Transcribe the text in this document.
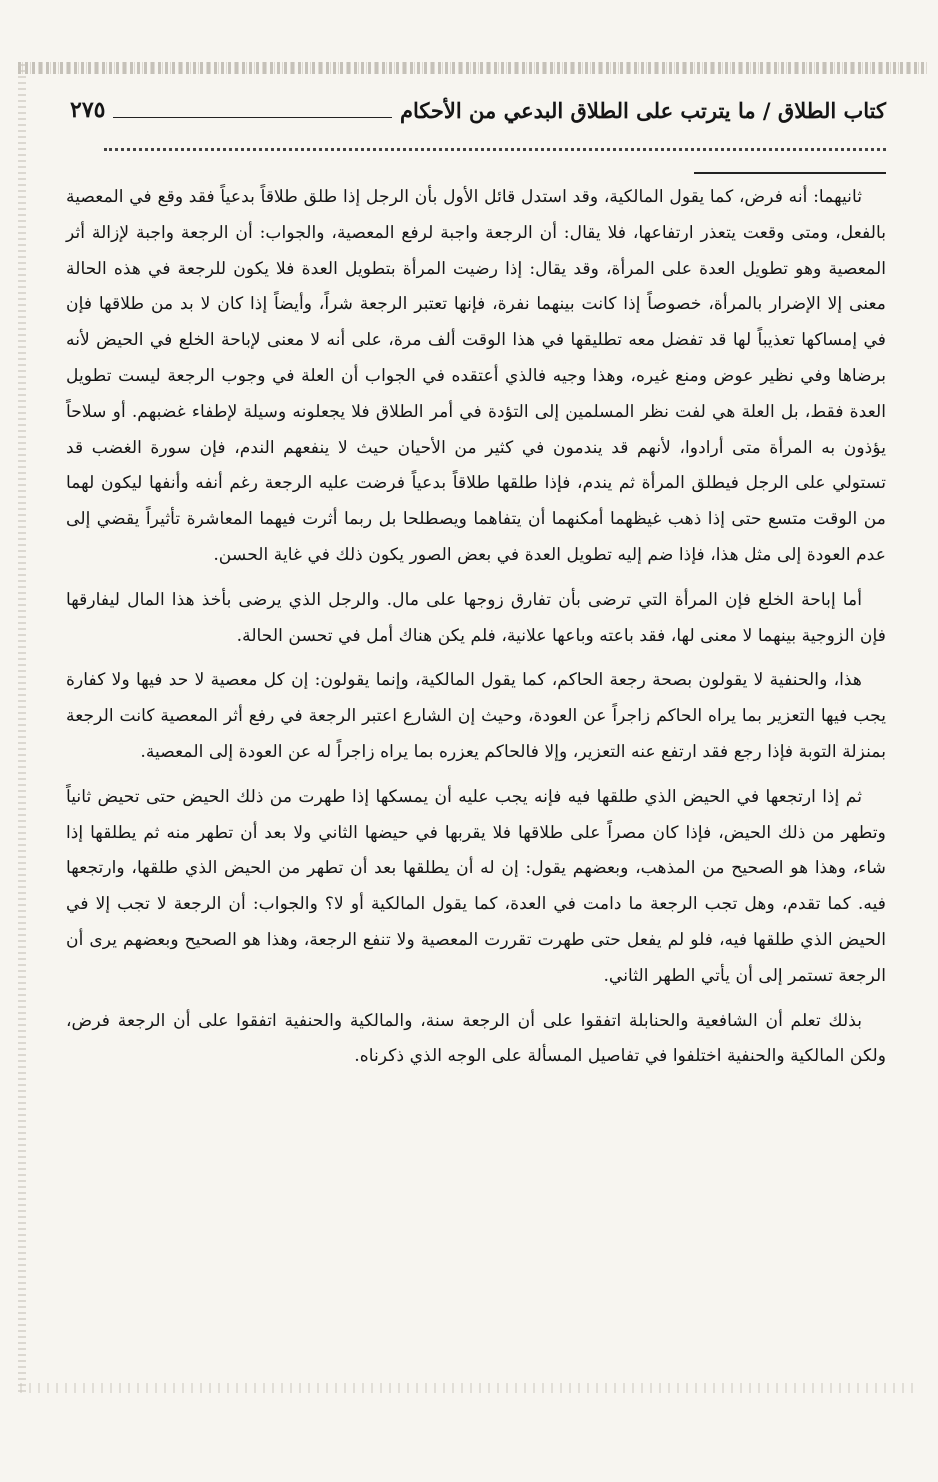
كتاب الطلاق / ما يترتب على الطلاق البدعي من الأحكام
٢٧٥

ثانيهما: أنه فرض، كما يقول المالكية، وقد استدل قائل الأول بأن الرجل إذا طلق طلاقاً بدعياً فقد وقع في المعصية بالفعل، ومتى وقعت يتعذر ارتفاعها، فلا يقال: أن الرجعة واجبة لرفع المعصية، والجواب: أن الرجعة واجبة لإزالة أثر المعصية وهو تطويل العدة على المرأة، وقد يقال: إذا رضيت المرأة بتطويل العدة فلا يكون للرجعة في هذه الحالة معنى إلا الإضرار بالمرأة، خصوصاً إذا كانت بينهما نفرة، فإنها تعتبر الرجعة شراً، وأيضاً إذا كان لا بد من طلاقها فإن في إمساكها تعذيباً لها قد تفضل معه تطليقها في هذا الوقت ألف مرة، على أنه لا معنى لإباحة الخلع في الحيض لأنه برضاها وفي نظير عوض ومنع غيره، وهذا وجيه فالذي أعتقده في الجواب أن العلة في وجوب الرجعة ليست تطويل العدة فقط، بل العلة هي لفت نظر المسلمين إلى التؤدة في أمر الطلاق فلا يجعلونه وسيلة لإطفاء غضبهم. أو سلاحاً يؤذون به المرأة متى أرادوا، لأنهم قد يندمون في كثير من الأحيان حيث لا ينفعهم الندم، فإن سورة الغضب قد تستولي على الرجل فيطلق المرأة ثم يندم، فإذا طلقها طلاقاً بدعياً فرضت عليه الرجعة رغم أنفه وأنفها ليكون لهما من الوقت متسع حتى إذا ذهب غيظهما أمكنهما أن يتفاهما ويصطلحا بل ربما أثرت فيهما المعاشرة تأثيراً يقضي إلى عدم العودة إلى مثل هذا، فإذا ضم إليه تطويل العدة في بعض الصور يكون ذلك في غاية الحسن.

أما إباحة الخلع فإن المرأة التي ترضى بأن تفارق زوجها على مال. والرجل الذي يرضى بأخذ هذا المال ليفارقها فإن الزوجية بينهما لا معنى لها، فقد باعته وباعها علانية، فلم يكن هناك أمل في تحسن الحالة.

هذا، والحنفية لا يقولون بصحة رجعة الحاكم، كما يقول المالكية، وإنما يقولون: إن كل معصية لا حد فيها ولا كفارة يجب فيها التعزير بما يراه الحاكم زاجراً عن العودة، وحيث إن الشارع اعتبر الرجعة في رفع أثر المعصية كانت الرجعة بمنزلة التوبة فإذا رجع فقد ارتفع عنه التعزير، وإلا فالحاكم يعزره بما يراه زاجراً له عن العودة إلى المعصية.

ثم إذا ارتجعها في الحيض الذي طلقها فيه فإنه يجب عليه أن يمسكها إذا طهرت من ذلك الحيض حتى تحيض ثانياً وتطهر من ذلك الحيض، فإذا كان مصراً على طلاقها فلا يقربها في حيضها الثاني ولا بعد أن تطهر منه ثم يطلقها إذا شاء، وهذا هو الصحيح من المذهب، وبعضهم يقول: إن له أن يطلقها بعد أن تطهر من الحيض الذي طلقها، وارتجعها فيه. كما تقدم، وهل تجب الرجعة ما دامت في العدة، كما يقول المالكية أو لا؟ والجواب: أن الرجعة لا تجب إلا في الحيض الذي طلقها فيه، فلو لم يفعل حتى طهرت تقررت المعصية ولا تنفع الرجعة، وهذا هو الصحيح وبعضهم يرى أن الرجعة تستمر إلى أن يأتي الطهر الثاني.

بذلك تعلم أن الشافعية والحنابلة اتفقوا على أن الرجعة سنة، والمالكية والحنفية اتفقوا على أن الرجعة فرض، ولكن المالكية والحنفية اختلفوا في تفاصيل المسألة على الوجه الذي ذكرناه.
